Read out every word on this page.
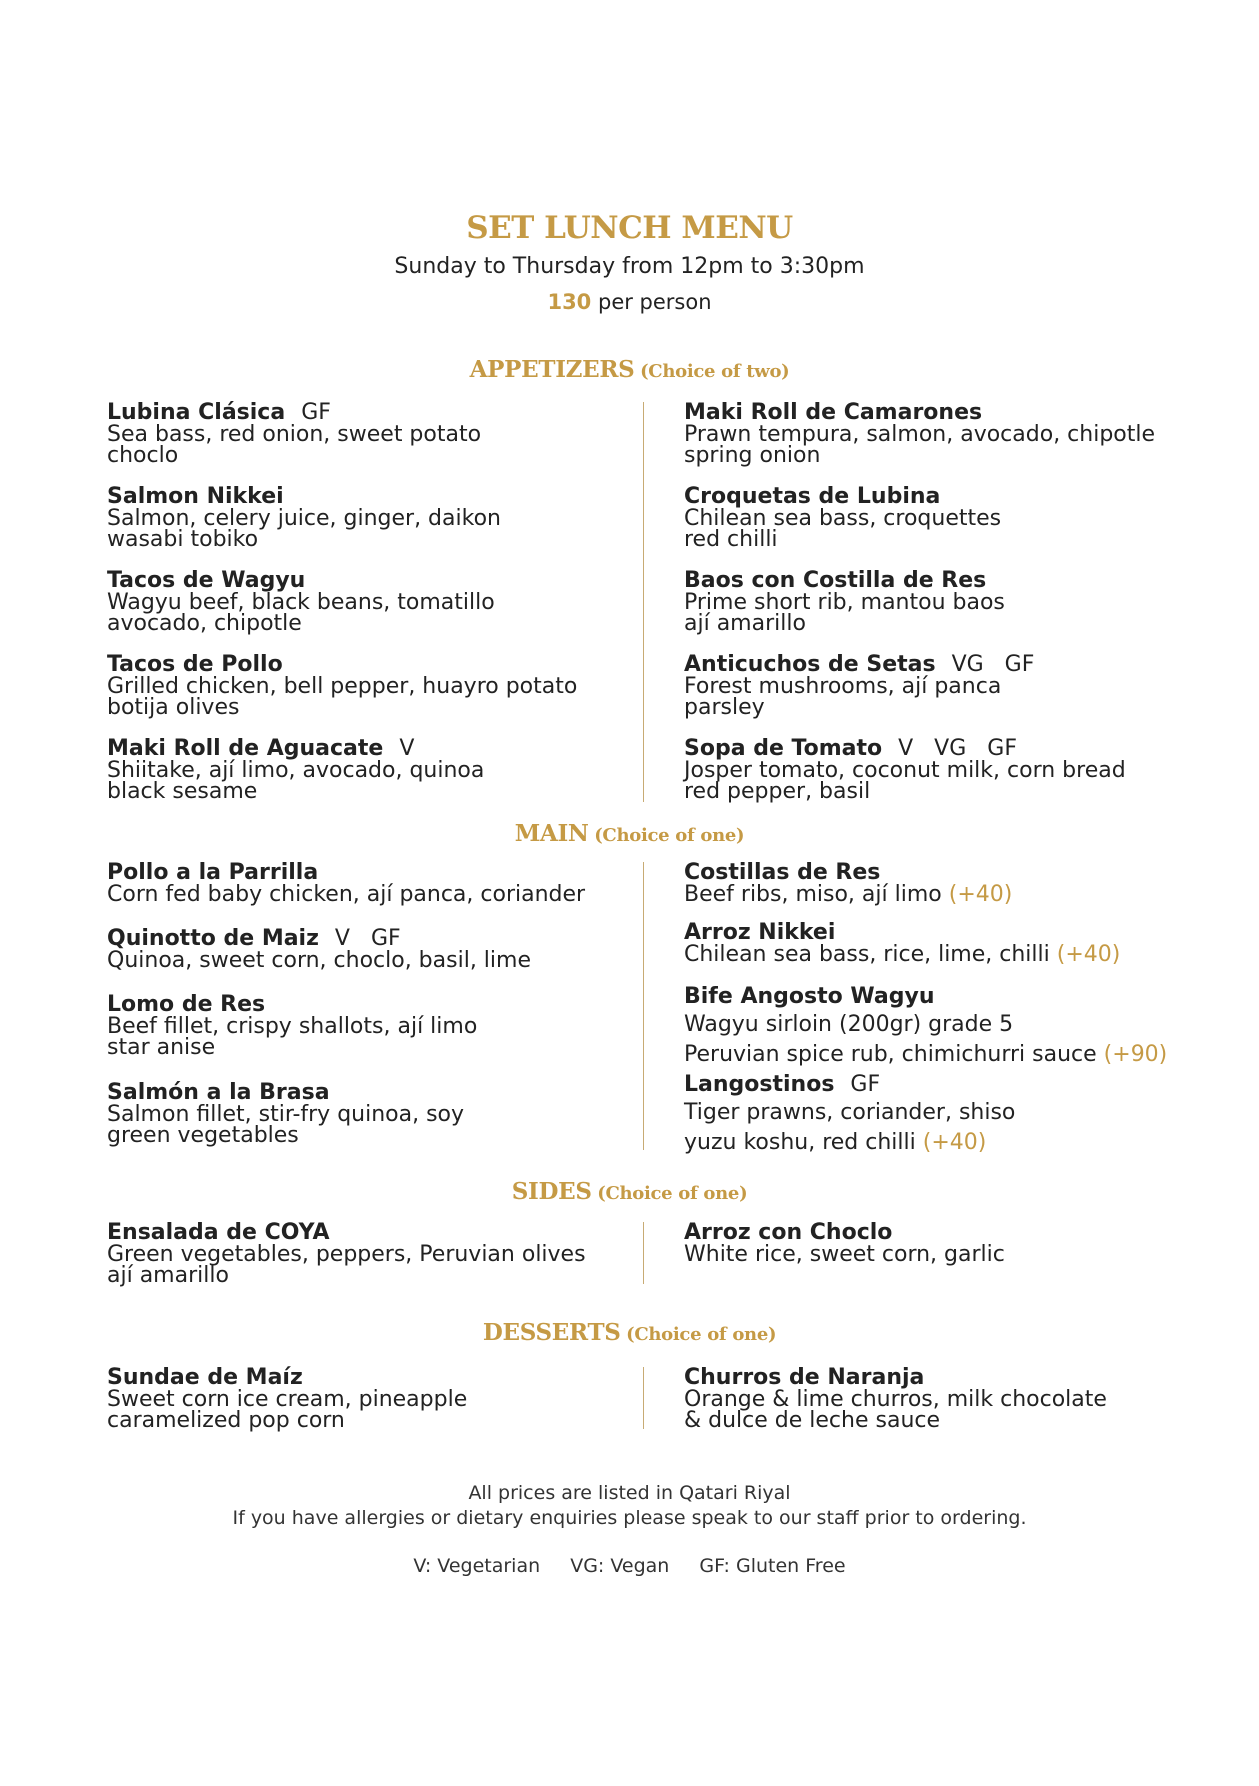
SET LUNCH MENU
Sunday to Thursday from 12pm to 3:30pm
130 per person
APPETIZERS (Choice of two)
Lubina Clásica GF
Sea bass, red onion, sweet potato
choclo
Salmon Nikkei
Salmon, celery juice, ginger, daikon
wasabi tobiko
Tacos de Wagyu
Wagyu beef, black beans, tomatillo
avocado, chipotle
Tacos de Pollo
Grilled chicken, bell pepper, huayro potato
botija olives
Maki Roll de Aguacate V
Shiitake, ají limo, avocado, quinoa
black sesame
Maki Roll de Camarones
Prawn tempura, salmon, avocado, chipotle
spring onion
Croquetas de Lubina
Chilean sea bass, croquettes
red chilli
Baos con Costilla de Res
Prime short rib, mantou baos
ají amarillo
Anticuchos de Setas VG GF
Forest mushrooms, ají panca
parsley
Sopa de Tomato V VG GF
Josper tomato, coconut milk, corn bread
red pepper, basil
MAIN (Choice of one)
Pollo a la Parrilla
Corn fed baby chicken, ají panca, coriander
Quinotto de Maiz V GF
Quinoa, sweet corn, choclo, basil, lime
Lomo de Res
Beef fillet, crispy shallots, ají limo
star anise
Salmón a la Brasa
Salmon fillet, stir-fry quinoa, soy
green vegetables
Costillas de Res
Beef ribs, miso, ají limo (+40)
Arroz Nikkei
Chilean sea bass, rice, lime, chilli (+40)
Bife Angosto Wagyu
Wagyu sirloin (200gr) grade 5
Peruvian spice rub, chimichurri sauce (+90)
Langostinos GF
Tiger prawns, coriander, shiso
yuzu koshu, red chilli (+40)
SIDES (Choice of one)
Ensalada de COYA
Green vegetables, peppers, Peruvian olives
ají amarillo
Arroz con Choclo
White rice, sweet corn, garlic
DESSERTS (Choice of one)
Sundae de Maíz
Sweet corn ice cream, pineapple
caramelized pop corn
Churros de Naranja
Orange & lime churros, milk chocolate
& dulce de leche sauce
All prices are listed in Qatari Riyal
If you have allergies or dietary enquiries please speak to our staff prior to ordering.
V: Vegetarian VG: Vegan GF: Gluten Free
